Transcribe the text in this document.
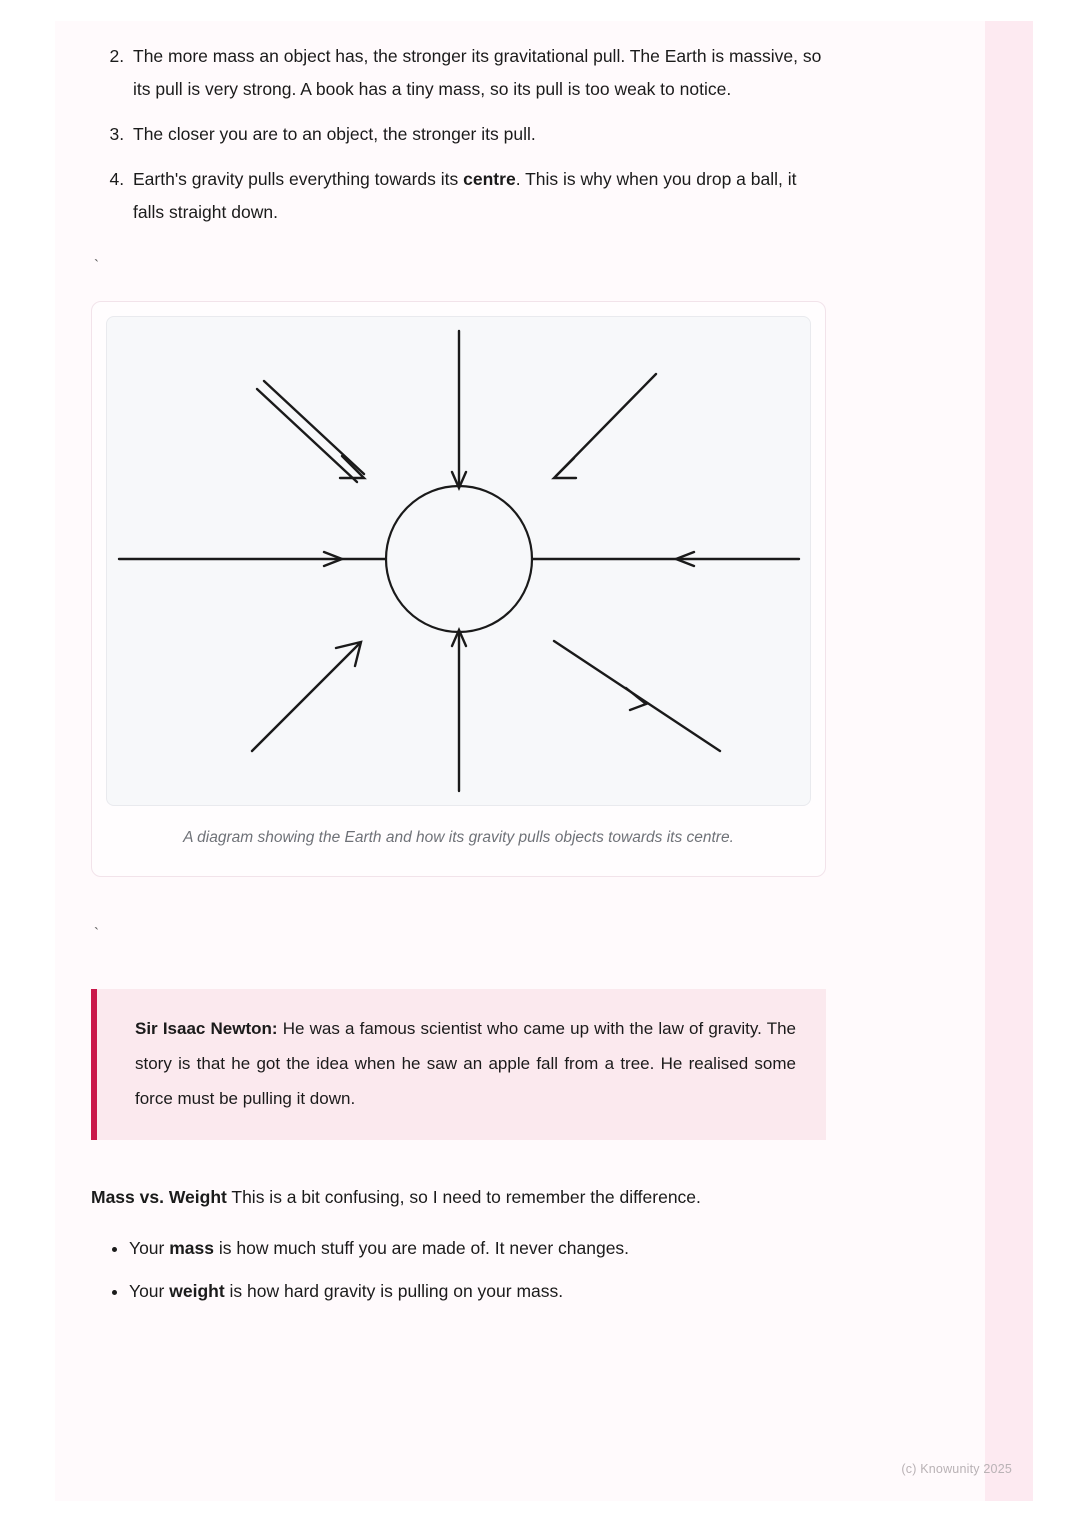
2. The more mass an object has, the stronger its gravitational pull. The Earth is massive, so its pull is very strong. A book has a tiny mass, so its pull is too weak to notice.
3. The closer you are to an object, the stronger its pull.
4. Earth's gravity pulls everything towards its centre. This is why when you drop a ball, it falls straight down.
`
A diagram showing the Earth and how its gravity pulls objects towards its centre.
`

Sir Isaac Newton: He was a famous scientist who came up with the law of gravity. The story is that he got the idea when he saw an apple fall from a tree. He realised some force must be pulling it down.

Mass vs. Weight This is a bit confusing, so I need to remember the difference.
• Your mass is how much stuff you are made of. It never changes.
• Your weight is how hard gravity is pulling on your mass.
(c) Knowunity 2025
